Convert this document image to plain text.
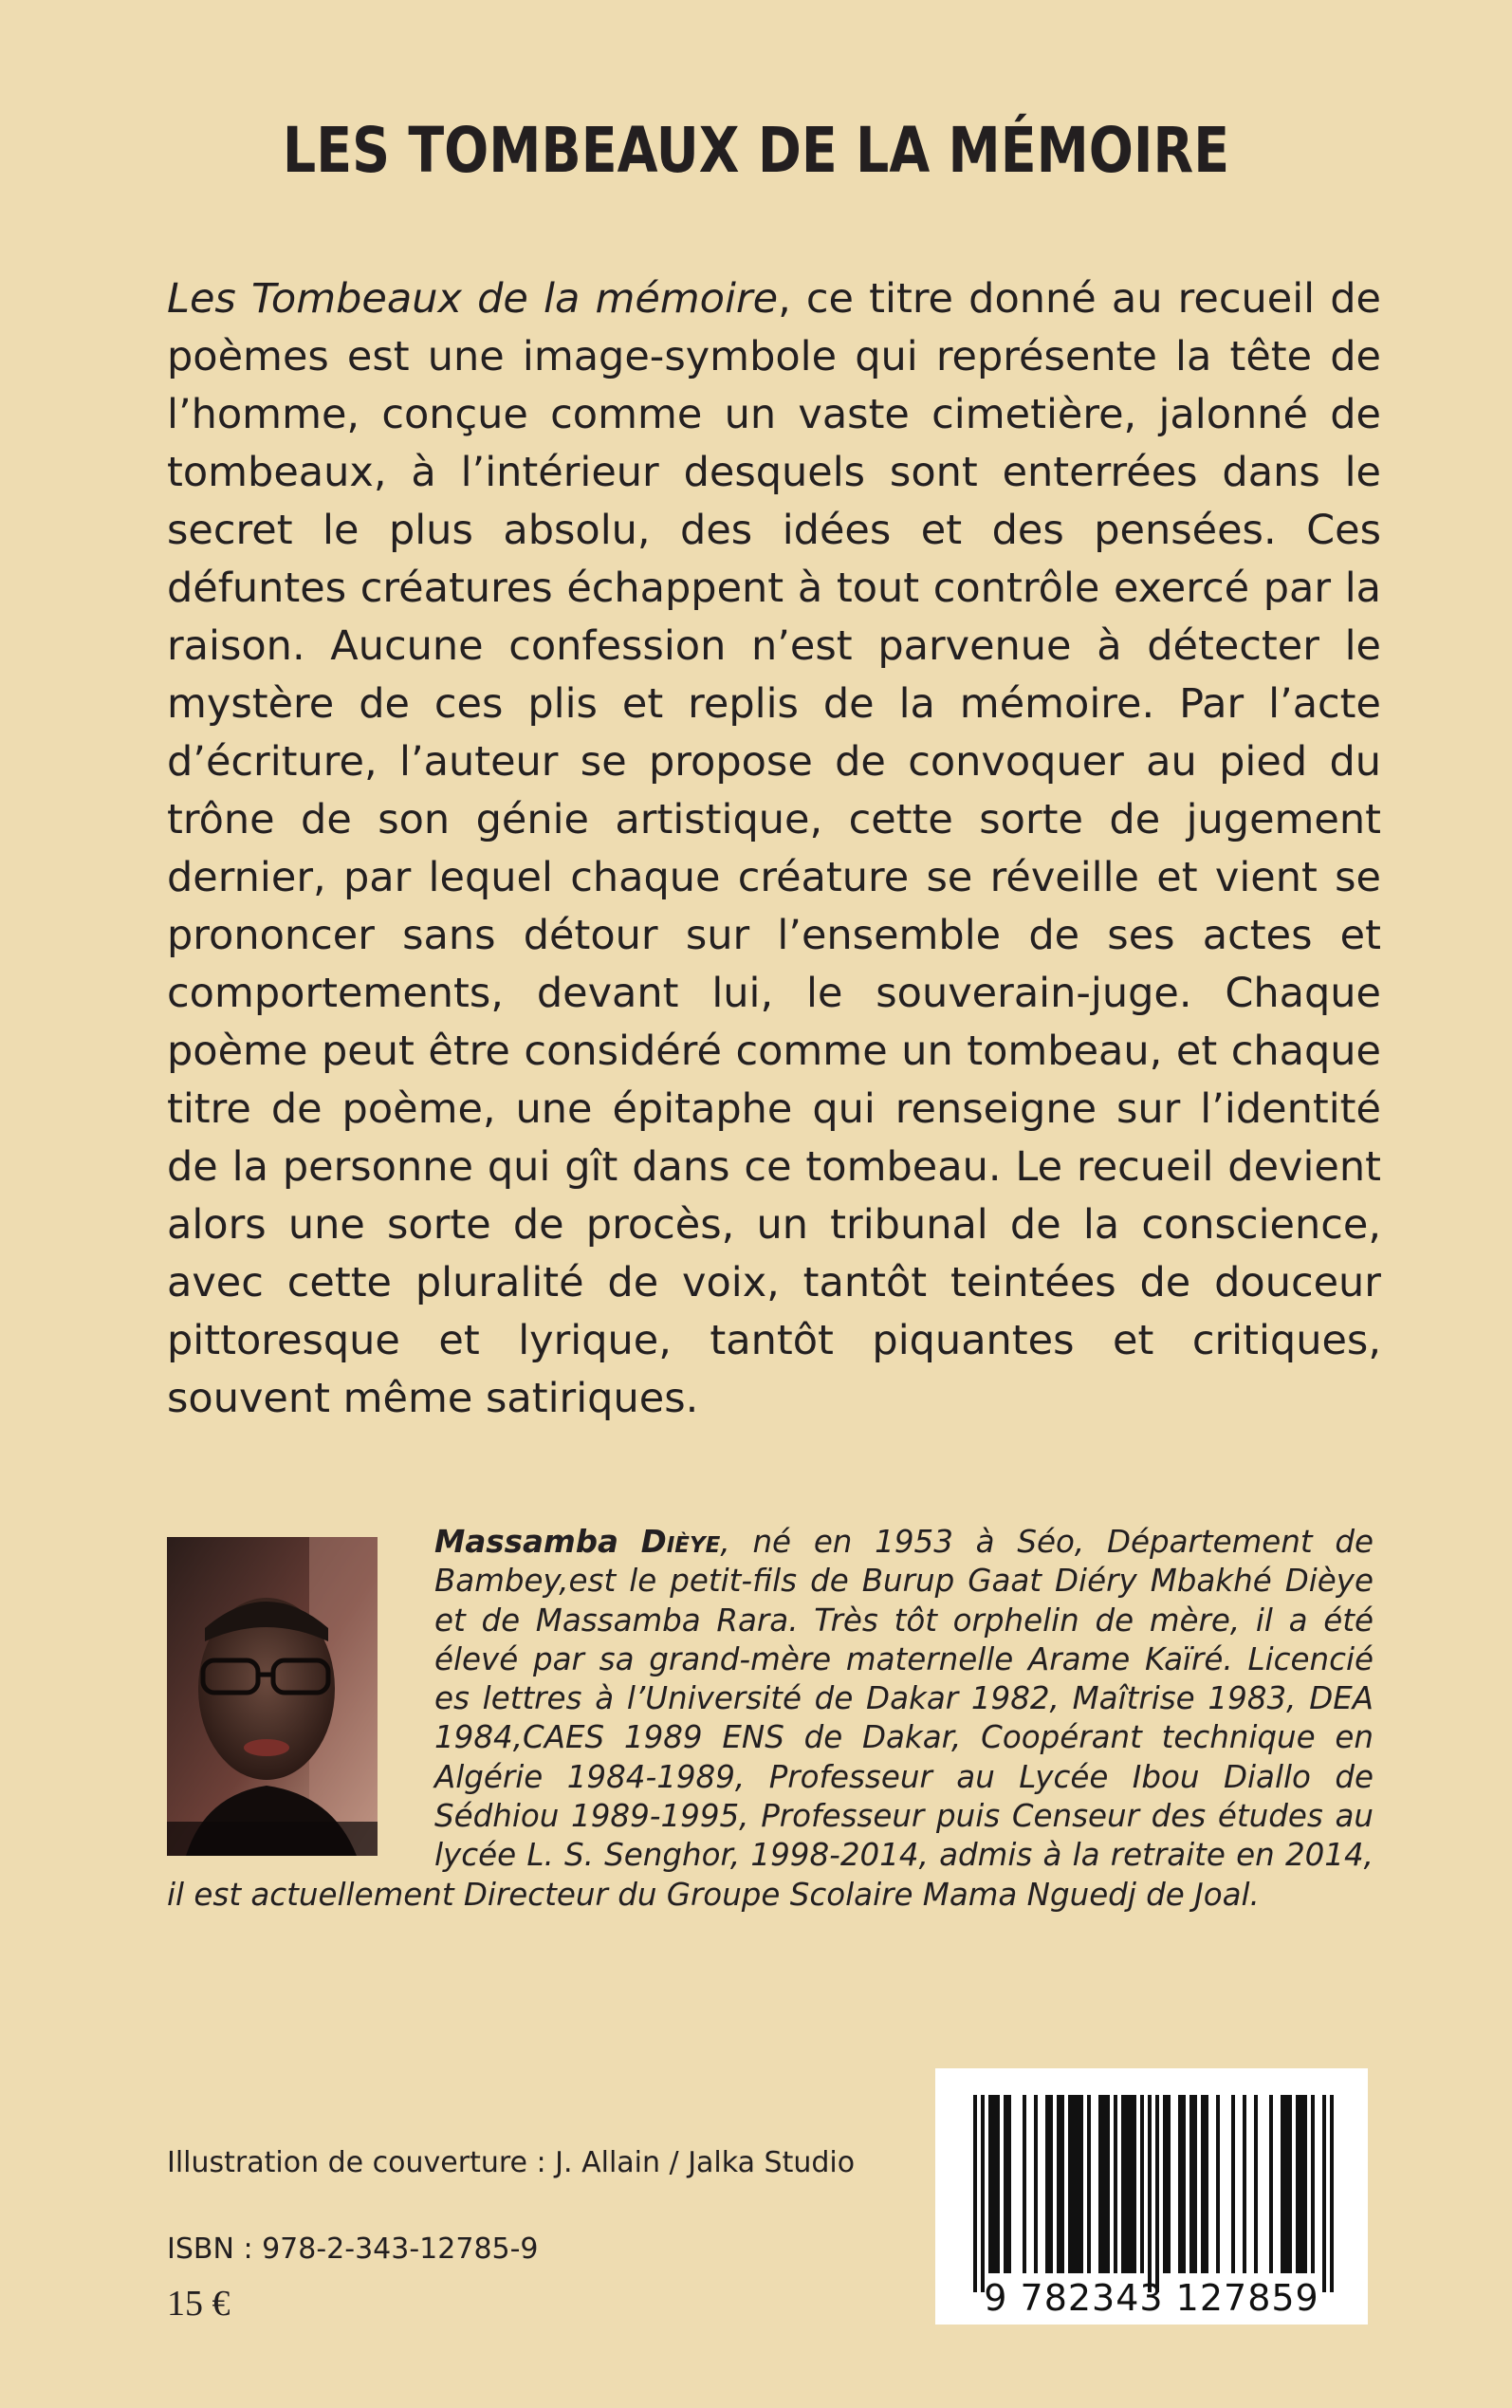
LES TOMBEAUX DE LA MÉMOIRE

Les Tombeaux de la mémoire, ce titre donné au recueil de poèmes est une image-symbole qui représente la tête de l’homme, conçue comme un vaste cimetière, jalonné de tombeaux, à l’intérieur desquels sont enterrées dans le secret le plus absolu, des idées et des pensées. Ces défuntes créatures échappent à tout contrôle exercé par la raison. Aucune confession n’est parvenue à détecter le mystère de ces plis et replis de la mémoire. Par l’acte d’écriture, l’auteur se propose de convoquer au pied du trône de son génie artistique, cette sorte de jugement dernier, par lequel chaque créature se réveille et vient se prononcer sans détour sur l’ensemble de ses actes et comportements, devant lui, le souverain-juge. Chaque poème peut être considéré comme un tombeau, et chaque titre de poème, une épitaphe qui renseigne sur l’identité de la personne qui gît dans ce tombeau. Le recueil devient alors une sorte de procès, un tribunal de la conscience, avec cette pluralité de voix, tantôt teintées de douceur pittoresque et lyrique, tantôt piquantes et critiques, souvent même satiriques.

Massamba Dièye, né en 1953 à Séo, Département de Bambey,est le petit-fils de Burup Gaat Diéry Mbakhé Dièye et de Massamba Rara. Très tôt orphelin de mère, il a été élevé par sa grand-mère maternelle Arame Kaïré. Licencié es lettres à l’Université de Dakar 1982, Maîtrise 1983, DEA 1984,CAES 1989 ENS de Dakar, Coopérant technique en Algérie 1984-1989, Professeur au Lycée Ibou Diallo de Sédhiou 1989-1995, Professeur puis Censeur des études au lycée L. S. Senghor, 1998-2014, admis à la retraite en 2014, il est actuellement Directeur du Groupe Scolaire Mama Nguedj de Joal.

Illustration de couverture : J. Allain / Jalka Studio
ISBN : 978-2-343-12785-9
15 €	9 782343 127859
